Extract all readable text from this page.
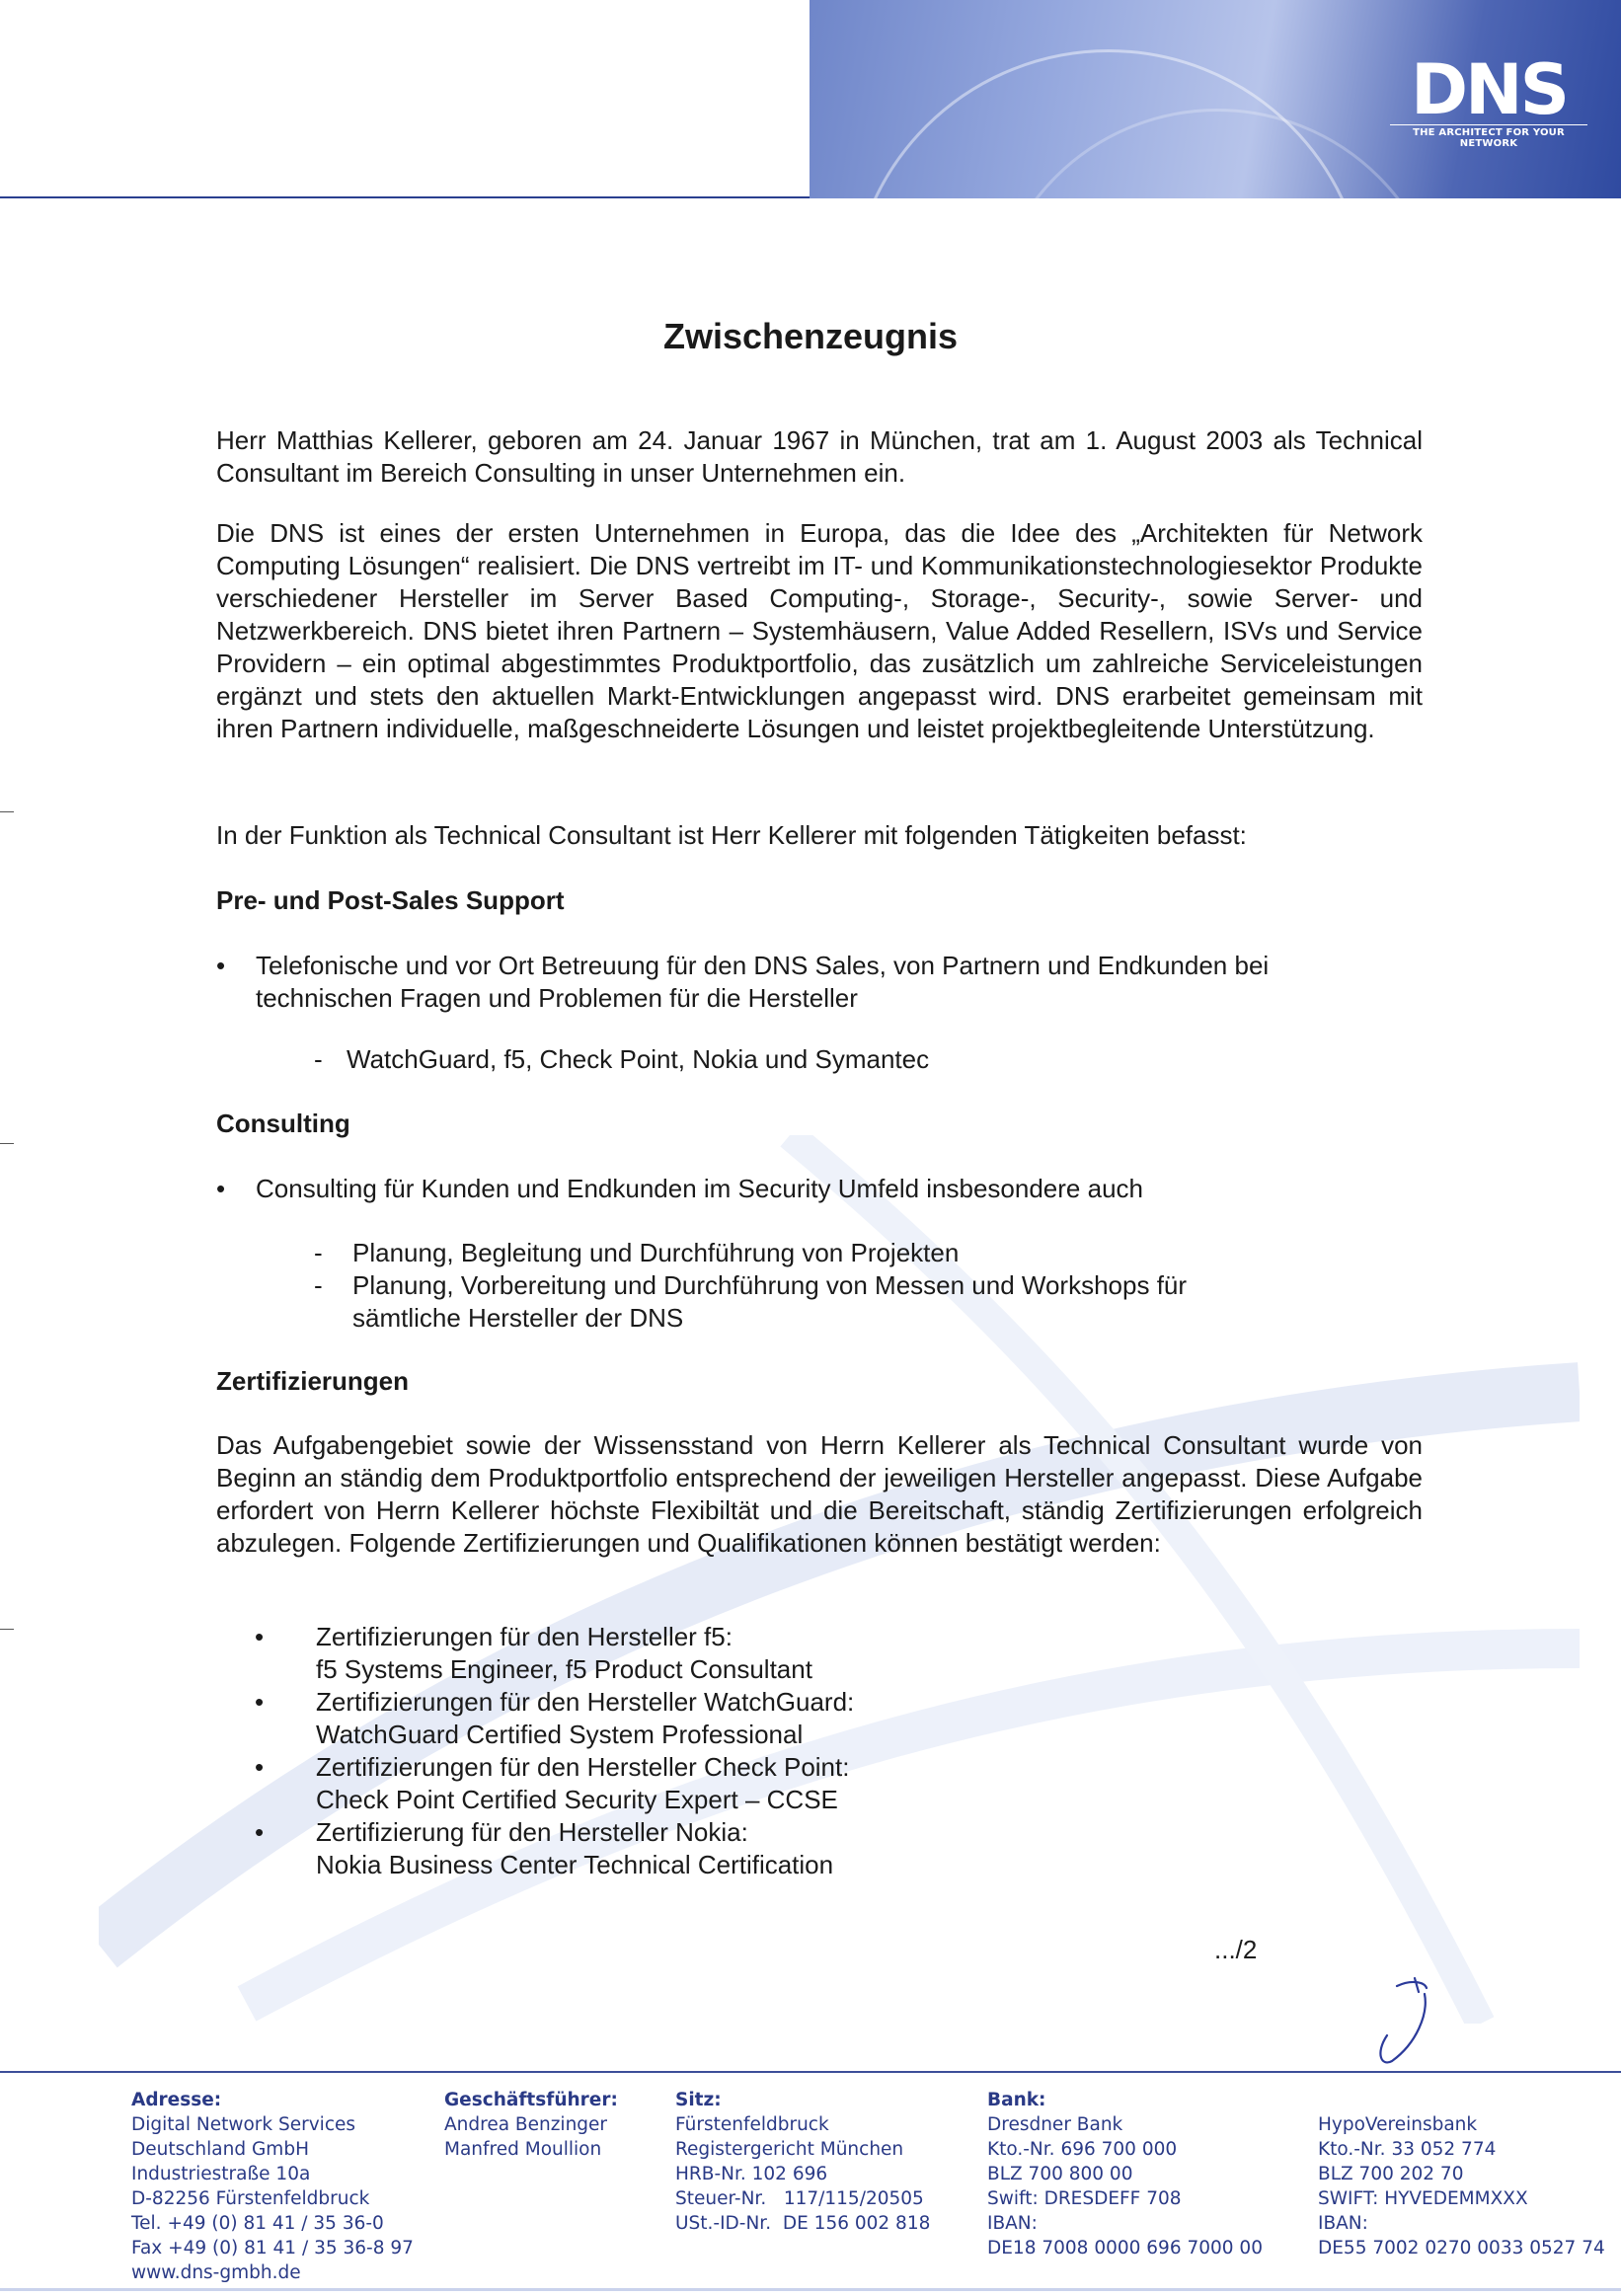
DNS
THE ARCHITECT FOR YOUR NETWORK
Zwischenzeugnis

Herr Matthias Kellerer, geboren am 24. Januar 1967 in München, trat am 1. August 2003 als Technical Consultant im Bereich Consulting in unser Unternehmen ein.

Die DNS ist eines der ersten Unternehmen in Europa, das die Idee des „Architekten für Network Computing Lösungen“ realisiert. Die DNS vertreibt im IT- und Kommunikationstechnologiesektor Produkte verschiedener Hersteller im Server Based Computing-, Storage-, Security-, sowie Server- und Netzwerkbereich. DNS bietet ihren Partnern – Systemhäusern, Value Added Resellern, ISVs und Service Providern – ein optimal abgestimmtes Produktportfolio, das zusätzlich um zahlreiche Serviceleistungen ergänzt und stets den aktuellen Markt-Entwicklungen angepasst wird. DNS erarbeitet gemeinsam mit ihren Partnern individuelle, maßgeschneiderte Lösungen und leistet projektbegleitende Unterstützung.

In der Funktion als Technical Consultant ist Herr Kellerer mit folgenden Tätigkeiten befasst:

Pre- und Post-Sales Support
•	Telefonische und vor Ort Betreuung für den DNS Sales, von Partnern und Endkunden bei
technischen Fragen und Problemen für die Hersteller
- WatchGuard, f5, Check Point, Nokia und Symantec
Consulting
•	Consulting für Kunden und Endkunden im Security Umfeld insbesondere auch
- Planung, Begleitung und Durchführung von Projekten
- Planung, Vorbereitung und Durchführung von Messen und Workshops für
sämtliche Hersteller der DNS
Zertifizierungen

Das Aufgabengebiet sowie der Wissensstand von Herrn Kellerer als Technical Consultant wurde von Beginn an ständig dem Produktportfolio entsprechend der jeweiligen Hersteller angepasst. Diese Aufgabe erfordert von Herrn Kellerer höchste Flexibiltät und die Bereitschaft, ständig Zertifizierungen erfolgreich abzulegen. Folgende Zertifizierungen und Qualifikationen können bestätigt werden:

•	Zertifizierungen für den Hersteller f5:
f5 Systems Engineer, f5 Product Consultant
•	Zertifizierungen für den Hersteller WatchGuard:
WatchGuard Certified System Professional
•	Zertifizierungen für den Hersteller Check Point:
Check Point Certified Security Expert – CCSE
•	Zertifizierung für den Hersteller Nokia:
Nokia Business Center Technical Certification
.../2
Adresse:
Digital Network Services
Deutschland GmbH
Industriestraße 10a
D-82256 Fürstenfeldbruck
Tel. +49 (0) 81 41 / 35 36-0
Fax +49 (0) 81 41 / 35 36-8 97
www.dns-gmbh.de
Geschäftsführer:
Andrea Benzinger
Manfred Moullion
Sitz:
Fürstenfeldbruck
Registergericht München
HRB-Nr. 102 696
Steuer-Nr.   117/115/20505
USt.-ID-Nr.  DE 156 002 818
Bank:
Dresdner Bank
Kto.-Nr. 696 700 000
BLZ 700 800 00
Swift: DRESDEFF 708
IBAN:
DE18 7008 0000 696 7000 00
HypoVereinsbank
Kto.-Nr. 33 052 774
BLZ 700 202 70
SWIFT: HYVEDEMMXXX
IBAN:
DE55 7002 0270 0033 0527 74
